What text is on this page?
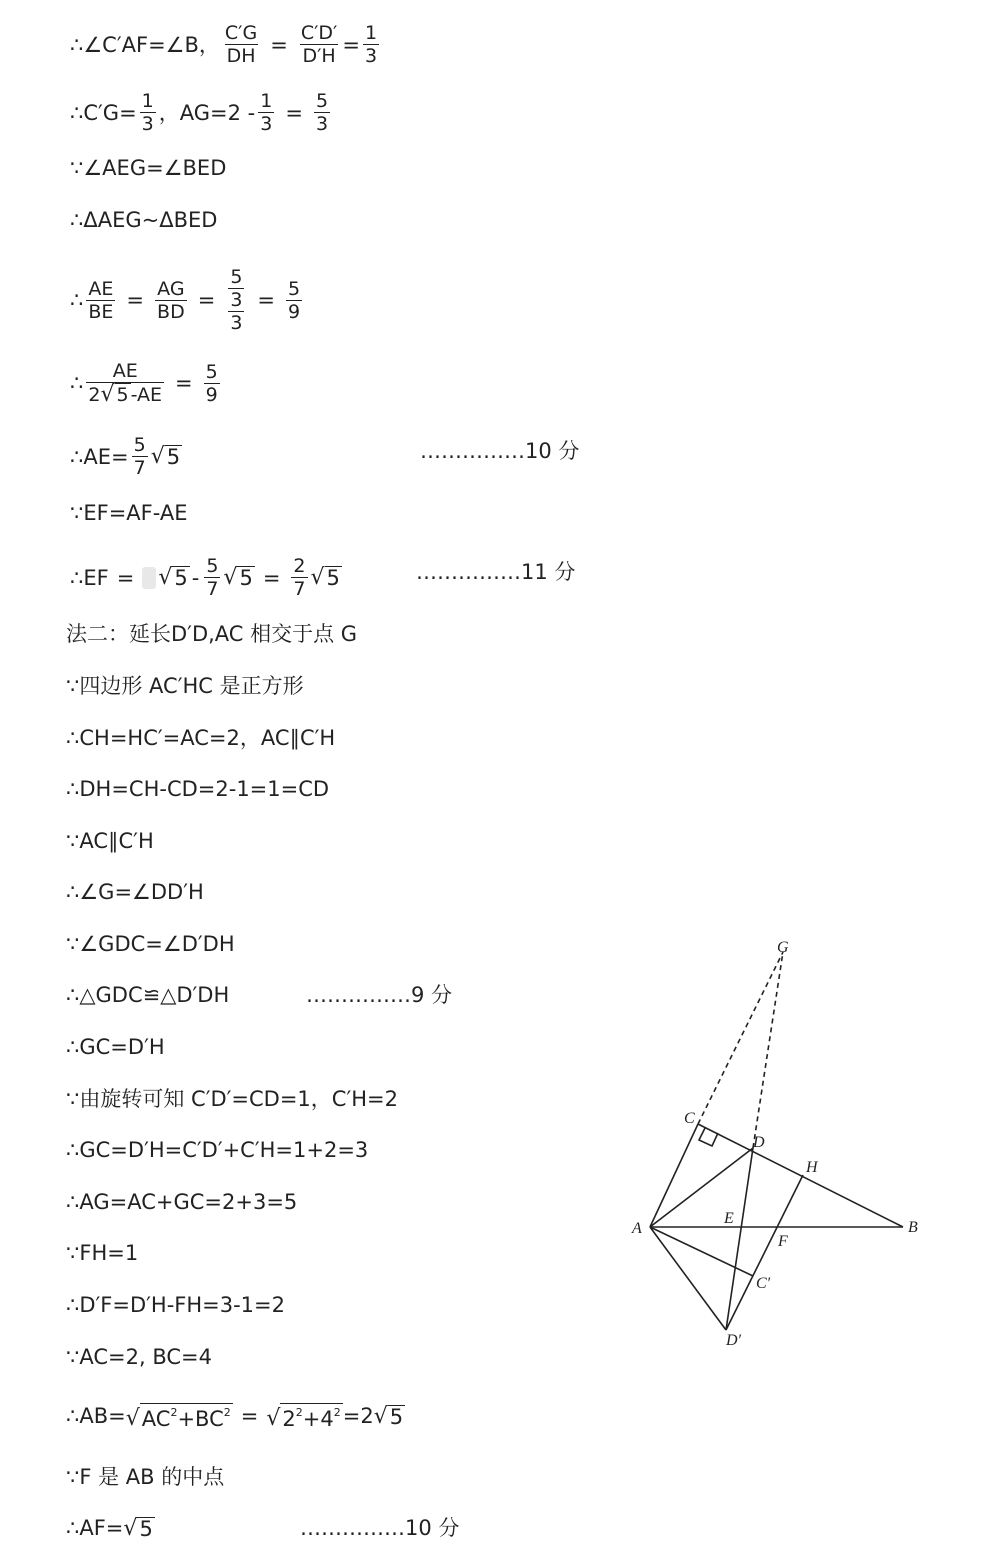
∴∠C′AF=∠B， $\frac{C'G}{DH} = \frac{C'D'}{D'H} = \frac{1}{3}$
∴C′G= $\frac{1}{3}$ ，$AG=2 - \frac{1}{3} = \frac{5}{3}$
∵∠AEG=∠BED
∴ΔAEG~ΔBED
∴ $\frac{AE}{BE} = \frac{AG}{BD} = \frac{\frac{5}{3}}{3} = \frac{5}{9}$
∴ $\frac{AE}{2 √ 5 -AE} = \frac{5}{9}$
∴AE= $\frac{5}{7}$ √ 5	……………10 分
∵EF=AF-AE
∴EF = √ $5 - \frac{5}{7}$ √ $5 = \frac{2}{7}$ √ 5	……………11 分
法二：延长D′D,AC 相交于点 G
∵四边形 AC′HC 是正方形
∴CH=HC′=AC=2，AC∥C′H
∴DH=CH-CD=2-1=1=CD
∵AC∥C′H
∴∠G=∠DD′H
∵∠GDC=∠D′DH
∴△GDC≌△D′DH	……………9 分
∴GC=D′H
∵由旋转可知 C′D′=CD=1，C′H=2
∴GC=D′H=C′D′+C′H=1+2=3
∴AG=AC+GC=2+3=5
∵FH=1
∴D′F=D′H-FH=3-1=2
∵AC=2, BC=4
∴AB= √ $AC^2+BC^2$ = √ $2^2+4^2 =2$ √ 5
∵F 是 AB 的中点
∴AF= √ 5	……………10 分
G
C
D
H
A
E
B
F
C′
D′
